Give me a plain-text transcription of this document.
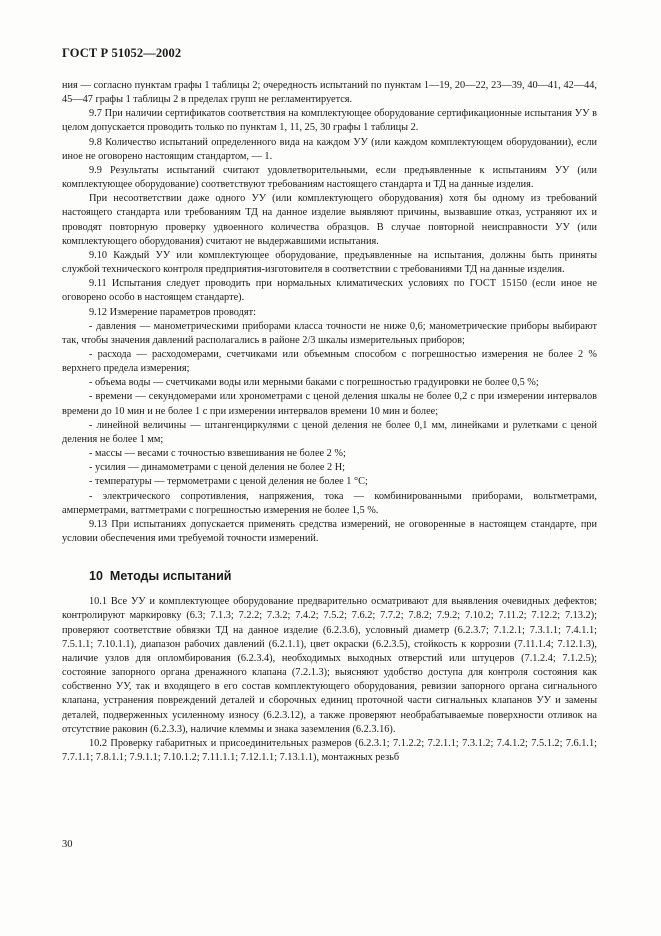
ГОСТ Р 51052—2002

ния — согласно пунктам графы 1 таблицы 2; очередность испытаний по пунктам 1—19, 20—22, 23—39, 40—41, 42—44, 45—47 графы 1 таблицы 2 в пределах групп не регламентируется.

9.7 При наличии сертификатов соответствия на комплектующее оборудование сертификационные испытания УУ в целом допускается проводить только по пунктам 1, 11, 25, 30 графы 1 таблицы 2.

9.8 Количество испытаний определенного вида на каждом УУ (или каждом комплектующем оборудовании), если иное не оговорено настоящим стандартом, — 1.

9.9 Результаты испытаний считают удовлетворительными, если предъявленные к испытаниям УУ (или комплектующее оборудование) соответствуют требованиям настоящего стандарта и ТД на данные изделия.

При несоответствии даже одного УУ (или комплектующего оборудования) хотя бы одному из требований настоящего стандарта или требованиям ТД на данное изделие выявляют причины, вызвавшие отказ, устраняют их и проводят повторную проверку удвоенного количества образцов. В случае повторной неисправности УУ (или комплектующего оборудования) считают не выдержавшими испытания.

9.10 Каждый УУ или комплектующее оборудование, предъявленные на испытания, должны быть приняты службой технического контроля предприятия-изготовителя в соответствии с требованиями ТД на данные изделия.

9.11 Испытания следует проводить при нормальных климатических условиях по ГОСТ 15150 (если иное не оговорено особо в настоящем стандарте).

9.12 Измерение параметров проводят:

- давления — манометрическими приборами класса точности не ниже 0,6; манометрические приборы выбирают так, чтобы значения давлений располагались в районе 2/3 шкалы измерительных приборов;

- расхода — расходомерами, счетчиками или объемным способом с погрешностью измерения не более 2 % верхнего предела измерения;

- объема воды — счетчиками воды или мерными баками с погрешностью градуировки не более 0,5 %;

- времени — секундомерами или хронометрами с ценой деления шкалы не более 0,2 с при измерении интервалов времени до 10 мин и не более 1 с при измерении интервалов времени 10 мин и более;

- линейной величины — штангенциркулями с ценой деления не более 0,1 мм, линейками и рулетками с ценой деления не более 1 мм;

- массы — весами с точностью взвешивания не более 2 %;

- усилия — динамометрами с ценой деления не более 2 Н;

- температуры — термометрами с ценой деления не более 1 °С;

- электрического сопротивления, напряжения, тока — комбинированными приборами, вольтметрами, амперметрами, ваттметрами с погрешностью измерения не более 1,5 %.

9.13 При испытаниях допускается применять средства измерений, не оговоренные в настоящем стандарте, при условии обеспечения ими требуемой точности измерений.

10 Методы испытаний

10.1 Все УУ и комплектующее оборудование предварительно осматривают для выявления очевидных дефектов; контролируют маркировку (6.3; 7.1.3; 7.2.2; 7.3.2; 7.4.2; 7.5.2; 7.6.2; 7.7.2; 7.8.2; 7.9.2; 7.10.2; 7.11.2; 7.12.2; 7.13.2); проверяют соответствие обвязки ТД на данное изделие (6.2.3.6), условный диаметр (6.2.3.7; 7.1.2.1; 7.3.1.1; 7.4.1.1; 7.5.1.1; 7.10.1.1), диапазон рабочих давлений (6.2.1.1), цвет окраски (6.2.3.5), стойкость к коррозии (7.11.1.4; 7.12.1.3), наличие узлов для опломбирования (6.2.3.4), необходимых выходных отверстий или штуцеров (7.1.2.4; 7.1.2.5); состояние запорного органа дренажного клапана (7.2.1.3); выясняют удобство доступа для контроля состояния как собственно УУ, так и входящего в его состав комплектующего оборудования, ревизии запорного органа сигнального клапана, устранения повреждений деталей и сборочных единиц проточной части сигнальных клапанов УУ и замены деталей, подверженных усиленному износу (6.2.3.12), а также проверяют необрабатываемые поверхности отливок на отсутствие раковин (6.2.3.3), наличие клеммы и знака заземления (6.2.3.16).

10.2 Проверку габаритных и присоединительных размеров (6.2.3.1; 7.1.2.2; 7.2.1.1; 7.3.1.2; 7.4.1.2; 7.5.1.2; 7.6.1.1; 7.7.1.1; 7.8.1.1; 7.9.1.1; 7.10.1.2; 7.11.1.1; 7.12.1.1; 7.13.1.1), монтажных резьб

30
